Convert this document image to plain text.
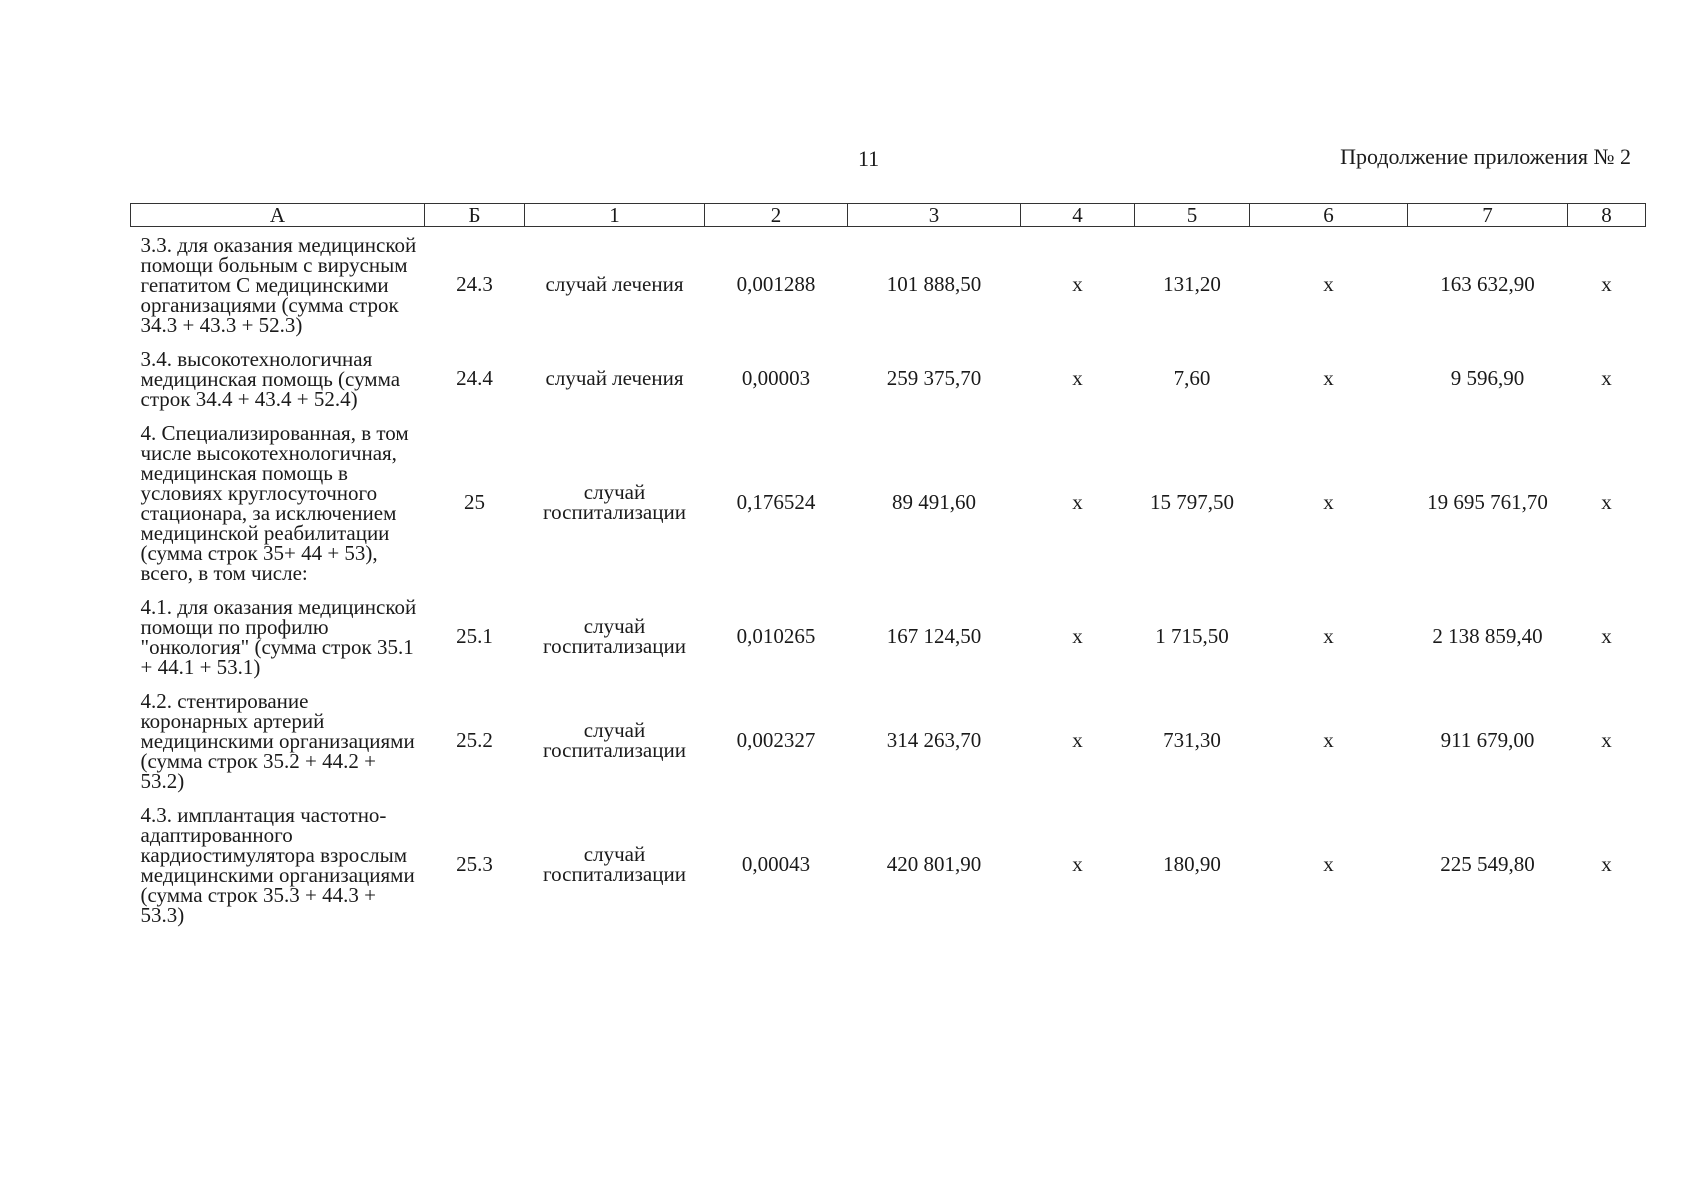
11	Продолжение приложения № 2
А	Б	1	2	3	4	5	6	7	8
3.3. для оказания медицинской помощи больным с вирусным гепатитом С медицинскими организациями (сумма строк 34.3 + 43.3 + 52.3)	24.3	случай лечения	0,001288	101 888,50	х	131,20	х	163 632,90	х
3.4. высокотехнологичная медицинская помощь (сумма строк 34.4 + 43.4 + 52.4)	24.4	случай лечения	0,00003	259 375,70	х	7,60	х	9 596,90	х
4. Специализированная, в том числе высокотехнологичная, медицинская помощь в условиях круглосуточного стационара, за исключением медицинской реабилитации (сумма строк 35+ 44 + 53), всего, в том числе:	25	случай госпитализации	0,176524	89 491,60	х	15 797,50	х	19 695 761,70	х
4.1. для оказания медицинской помощи по профилю "онкология" (сумма строк 35.1 + 44.1 + 53.1)	25.1	случай госпитализации	0,010265	167 124,50	х	1 715,50	х	2 138 859,40	х
4.2. стентирование коронарных артерий медицинскими организациями (сумма строк 35.2 + 44.2 + 53.2)	25.2	случай госпитализации	0,002327	314 263,70	х	731,30	х	911 679,00	х
4.3. имплантация частотно-адаптированного кардиостимулятора взрослым медицинскими организациями (сумма строк 35.3 + 44.3 + 53.3)	25.3	случай госпитализации	0,00043	420 801,90	х	180,90	х	225 549,80	х
